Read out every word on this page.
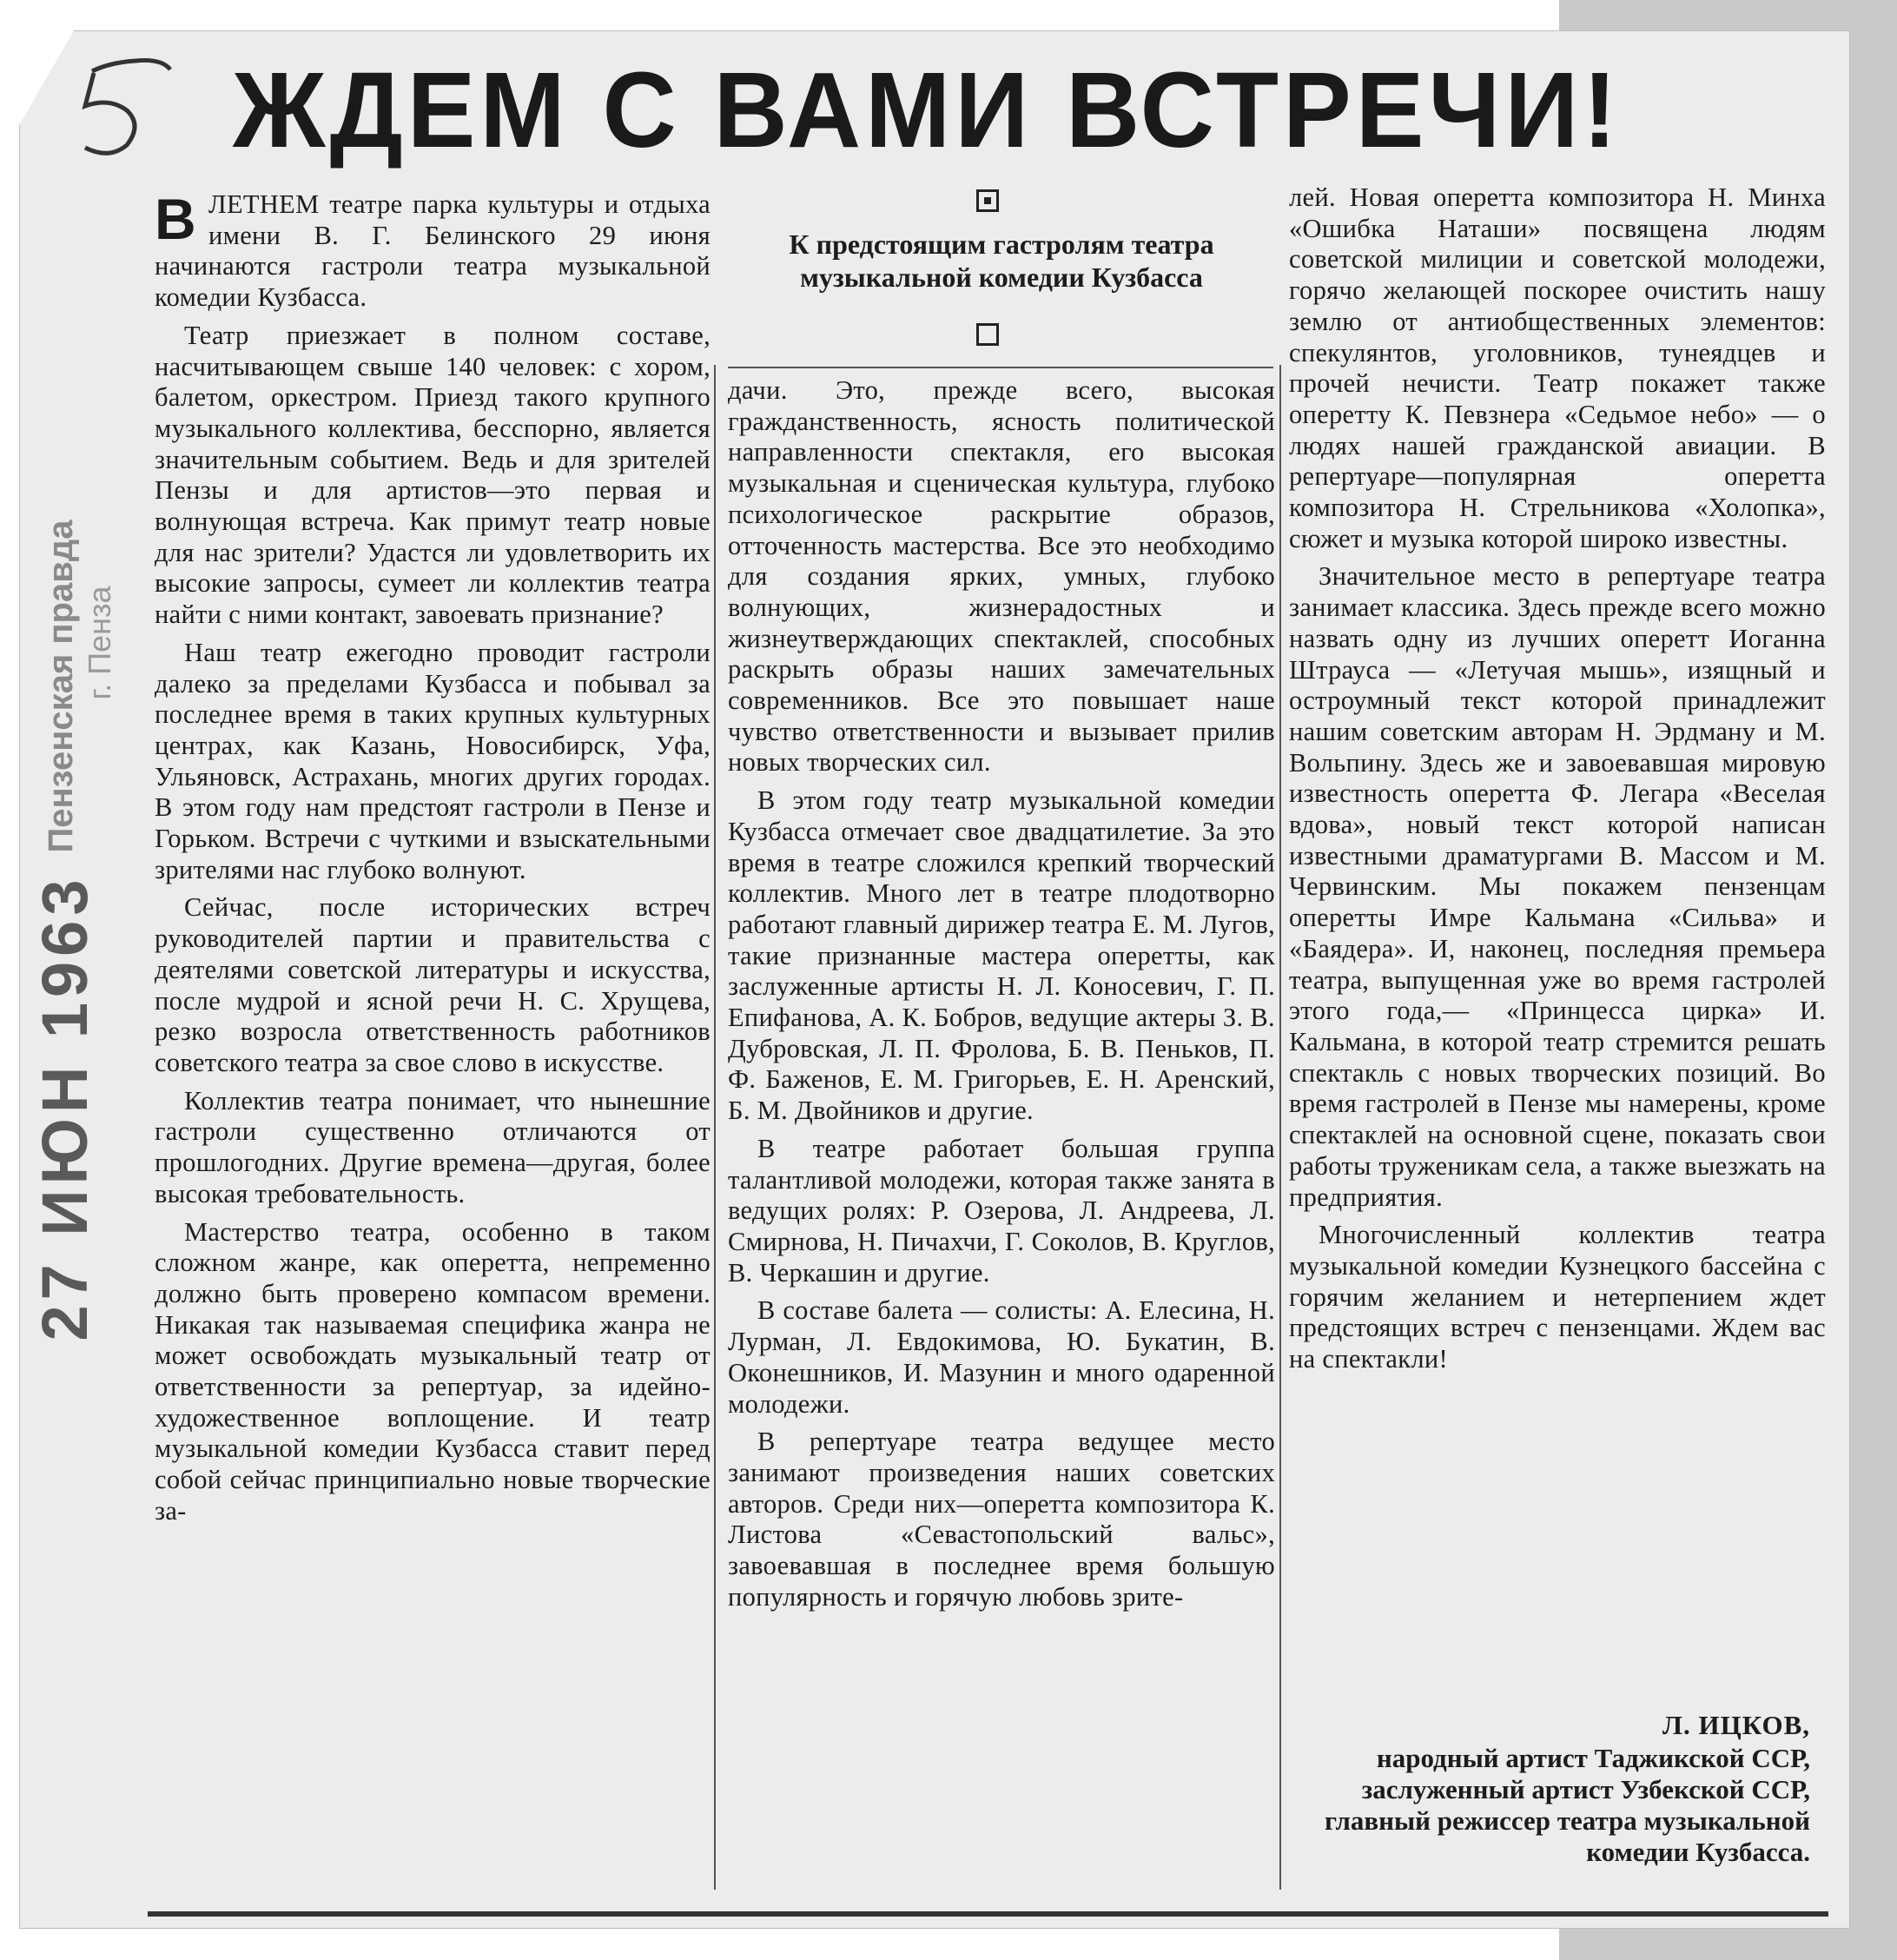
ЖДЕМ С ВАМИ ВСТРЕЧИ!
Пензенская правда г. Пенза
27 ИЮН 1963
К предстоящим гастролям театра музыкальной комедии Кузбасса

ВЛЕТНЕМ театре парка культуры и отдыха имени В. Г. Белинского 29 июня начинаются гастроли театра музыкальной комедии Кузбасса.

Театр приезжает в полном составе, насчитывающем свыше 140 человек: с хором, балетом, оркестром. Приезд такого крупного музыкального коллектива, бесспорно, является значительным событием. Ведь и для зрителей Пензы и для артистов—это первая и волнующая встреча. Как примут театр новые для нас зрители? Удастся ли удовлетворить их высокие запросы, сумеет ли коллектив театра найти с ними контакт, завоевать признание?

Наш театр ежегодно проводит гастроли далеко за пределами Кузбасса и побывал за последнее время в таких крупных культурных центрах, как Казань, Новосибирск, Уфа, Ульяновск, Астрахань, многих других городах. В этом году нам предстоят гастроли в Пензе и Горьком. Встречи с чуткими и взыскательными зрителями нас глубоко волнуют.

Сейчас, после исторических встреч руководителей партии и правительства с деятелями советской литературы и искусства, после мудрой и ясной речи Н. С. Хрущева, резко возросла ответственность работников советского театра за свое слово в искусстве.

Коллектив театра понимает, что нынешние гастроли существенно отличаются от прошлогодних. Другие времена—другая, более высокая требовательность.

Мастерство театра, особенно в таком сложном жанре, как оперетта, непременно должно быть проверено компасом времени. Никакая так называемая специфика жанра не может освобождать музыкальный театр от ответственности за репертуар, за идейно-художественное воплощение. И театр музыкальной комедии Кузбасса ставит перед собой сейчас принципиально новые творческие за-

дачи. Это, прежде всего, высокая гражданственность, ясность политической направленности спектакля, его высокая музыкальная и сценическая культура, глубоко психологическое раскрытие образов, отточенность мастерства. Все это необходимо для создания ярких, умных, глубоко волнующих, жизнерадостных и жизнеутверждающих спектаклей, способных раскрыть образы наших замечательных современников. Все это повышает наше чувство ответственности и вызывает прилив новых творческих сил.

В этом году театр музыкальной комедии Кузбасса отмечает свое двадцатилетие. За это время в театре сложился крепкий творческий коллектив. Много лет в театре плодотворно работают главный дирижер театра Е. М. Лугов, такие признанные мастера оперетты, как заслуженные артисты Н. Л. Коносевич, Г. П. Епифанова, А. К. Бобров, ведущие актеры З. В. Дубровская, Л. П. Фролова, Б. В. Пеньков, П. Ф. Баженов, Е. М. Григорьев, Е. Н. Аренский, Б. М. Двойников и другие.

В театре работает большая группа талантливой молодежи, которая также занята в ведущих ролях: Р. Озерова, Л. Андреева, Л. Смирнова, Н. Пичахчи, Г. Соколов, В. Круглов, В. Черкашин и другие.

В составе балета — солисты: А. Елесина, Н. Лурман, Л. Евдокимова, Ю. Букатин, В. Оконешников, И. Мазунин и много одаренной молодежи.

В репертуаре театра ведущее место занимают произведения наших советских авторов. Среди них—оперетта композитора К. Листова «Севастопольский вальс», завоевавшая в последнее время большую популярность и горячую любовь зрите-

лей. Новая оперетта композитора Н. Минха «Ошибка Наташи» посвящена людям советской милиции и советской молодежи, горячо желающей поскорее очистить нашу землю от антиобщественных элементов: спекулянтов, уголовников, тунеядцев и прочей нечисти. Театр покажет также оперетту К. Певзнера «Седьмое небо» — о людях нашей гражданской авиации. В репертуаре—популярная оперетта композитора Н. Стрельникова «Холопка», сюжет и музыка которой широко известны.

Значительное место в репертуаре театра занимает классика. Здесь прежде всего можно назвать одну из лучших оперетт Иоганна Штрауса — «Летучая мышь», изящный и остроумный текст которой принадлежит нашим советским авторам Н. Эрдману и М. Вольпину. Здесь же и завоевавшая мировую известность оперетта Ф. Легара «Веселая вдова», новый текст которой написан известными драматургами В. Массом и М. Червинским. Мы покажем пензенцам оперетты Имре Кальмана «Сильва» и «Баядера». И, наконец, последняя премьера театра, выпущенная уже во время гастролей этого года,— «Принцесса цирка» И. Кальмана, в которой театр стремится решать спектакль с новых творческих позиций. Во время гастролей в Пензе мы намерены, кроме спектаклей на основной сцене, показать свои работы труженикам села, а также выезжать на предприятия.

Многочисленный коллектив театра музыкальной комедии Кузнецкого бассейна с горячим желанием и нетерпением ждет предстоящих встреч с пензенцами. Ждем вас на спектакли!

Л. ИЦКОВ,
народный артист Таджикской ССР, заслуженный артист Узбекской ССР, главный режиссер театра музыкальной комедии Кузбасса.
